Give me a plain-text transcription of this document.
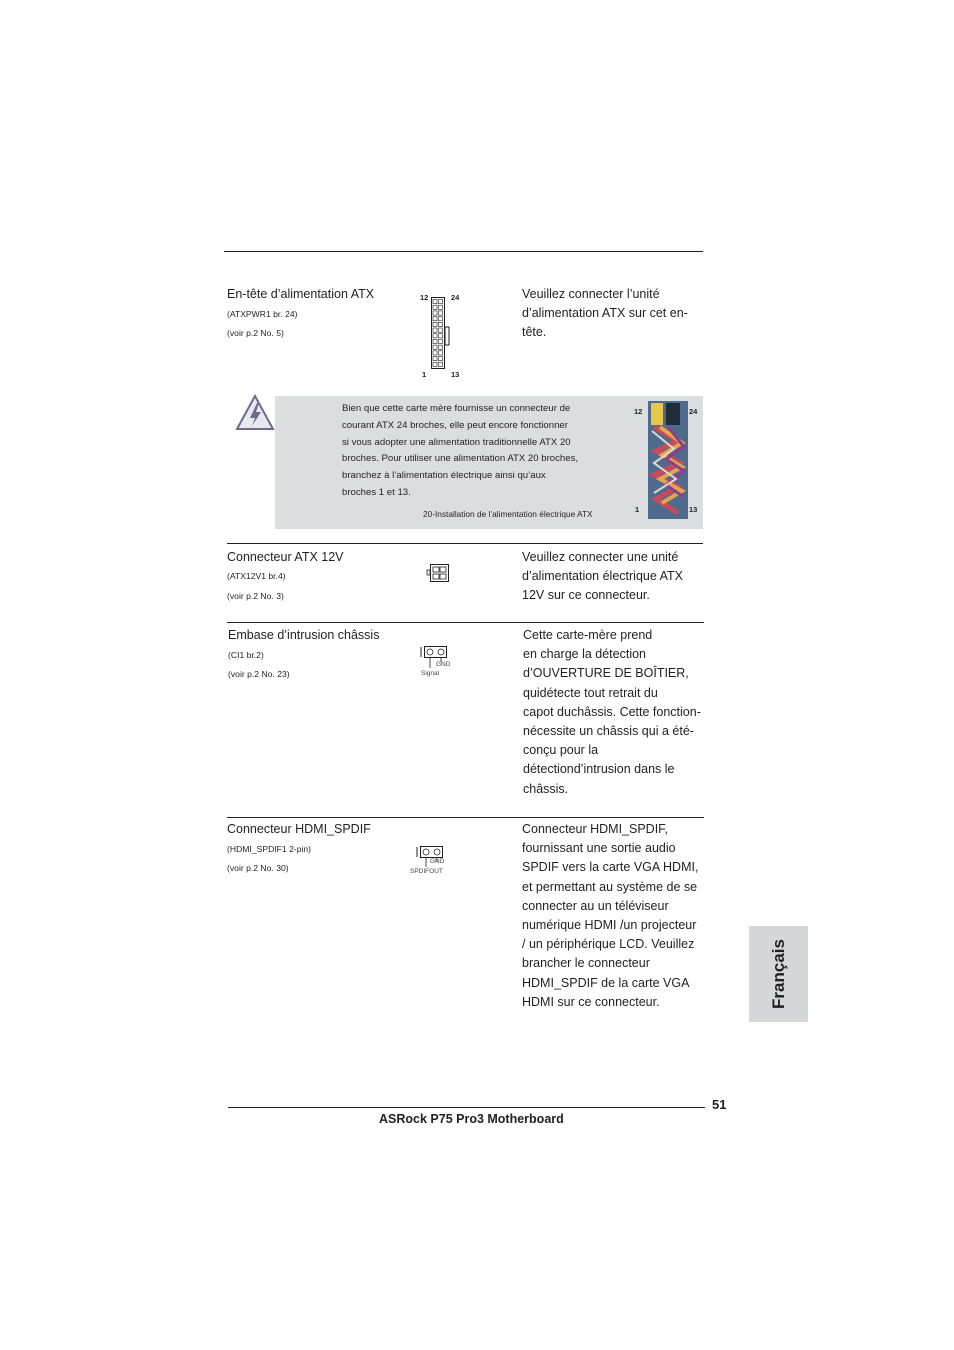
En-tête d’alimentation ATX
(ATXPWR1 br. 24)
(voir p.2 No. 5)
12	24
1	13
Veuillez connecter l’unité
d’alimentation ATX sur cet en-
tête.
Bien que cette carte mère fournisse un connecteur de
courant ATX 24 broches, elle peut encore fonctionner
si vous adopter une alimentation traditionnelle ATX 20
broches. Pour utiliser une alimentation ATX 20 broches,
branchez à l’alimentation électrique ainsi qu’aux
broches 1 et 13.
20-Installation de l’alimentation électrique ATX
12	24
1	13
Connecteur ATX 12V
(ATX12V1 br.4)
(voir p.2 No. 3)
Veuillez connecter une unité
d’alimentation électrique ATX
12V sur ce connecteur.
Embase d’intrusion châssis
(CI1 br.2)
(voir p.2 No. 23)
GND
Signal
Cette carte-mère prend
en charge la détection
d’OUVERTURE DE BOÎTIER,
quidétecte tout retrait du
capot duchâssis. Cette fonction-
nécessite un châssis qui a été-
conçu pour la
détectiond’intrusion dans le
châssis.
Connecteur HDMI_SPDIF
(HDMI_SPDIF1 2-pin)
(voir p.2 No. 30)
GND
SPDIFOUT
Connecteur HDMI_SPDIF,
fournissant une sortie audio
SPDIF vers la carte VGA HDMI,
et permettant au système de se
connecter au un téléviseur
numérique HDMI /un projecteur
/ un périphérique LCD. Veuillez
brancher le connecteur
HDMI_SPDIF de la carte VGA
HDMI sur ce connecteur.	Français
51
ASRock P75 Pro3 Motherboard
